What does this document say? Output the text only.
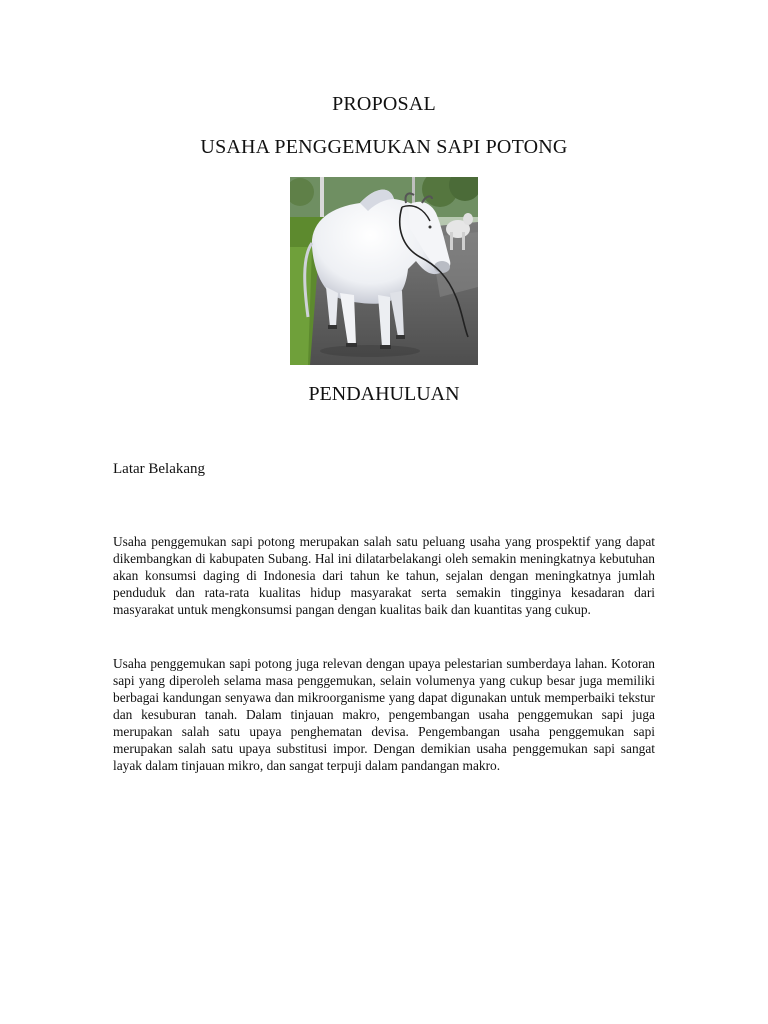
PROPOSAL
USAHA PENGGEMUKAN SAPI POTONG
PENDAHULUAN
Latar Belakang

Usaha penggemukan sapi potong merupakan salah satu peluang usaha yang prospektif yang dapat dikembangkan di kabupaten Subang. Hal ini dilatarbelakangi oleh semakin meningkatnya kebutuhan akan konsumsi daging di Indonesia dari tahun ke tahun, sejalan dengan meningkatnya jumlah penduduk dan rata-rata kualitas hidup masyarakat serta semakin tingginya kesadaran dari masyarakat untuk mengkonsumsi pangan dengan kualitas baik dan kuantitas yang cukup.

Usaha penggemukan sapi potong juga relevan dengan upaya pelestarian sumberdaya lahan. Kotoran sapi yang diperoleh selama masa penggemukan, selain volumenya yang cukup besar juga memiliki berbagai kandungan senyawa dan mikroorganisme yang dapat digunakan untuk memperbaiki tekstur dan kesuburan tanah. Dalam tinjauan makro, pengembangan usaha penggemukan sapi juga merupakan salah satu upaya penghematan devisa. Pengembangan usaha penggemukan sapi merupakan salah satu upaya substitusi impor. Dengan demikian usaha penggemukan sapi sangat layak dalam tinjauan mikro, dan sangat terpuji dalam pandangan makro.
